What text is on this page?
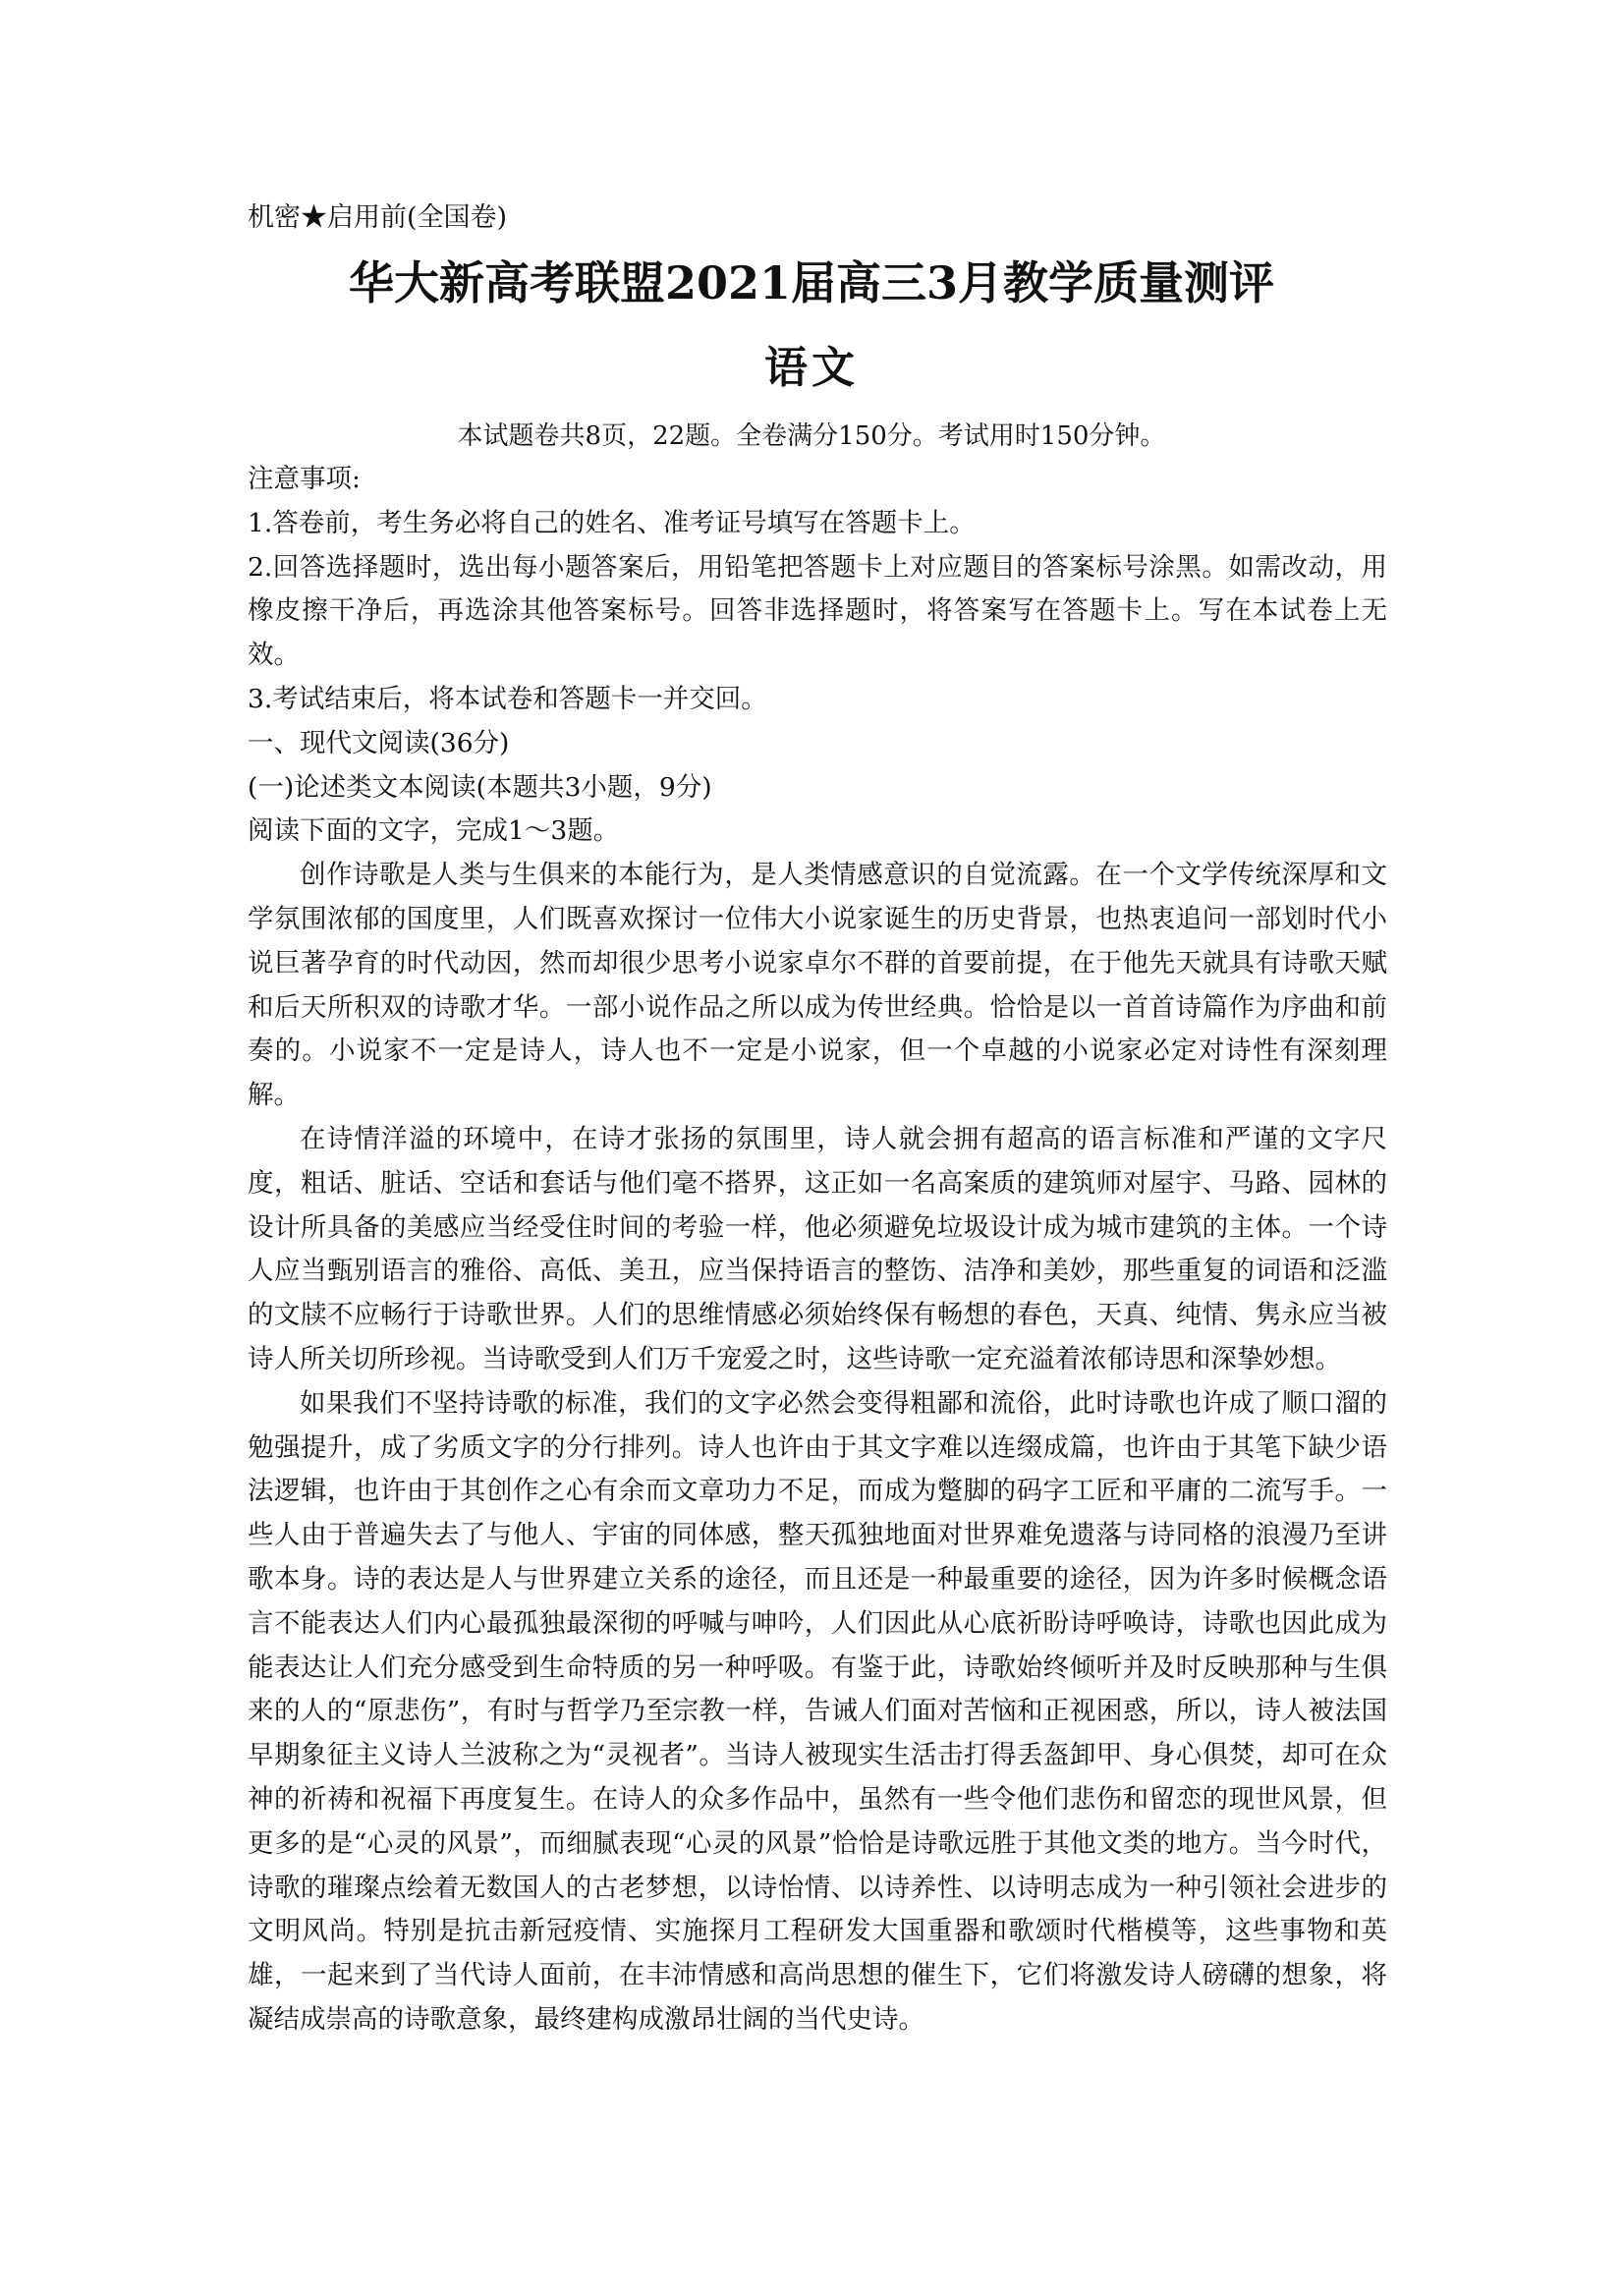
机密★启用前(全国卷)
华大新高考联盟2021届高三3月教学质量测评
语文
本试题卷共8页，22题。全卷满分150分。考试用时150分钟。

注意事项:

1.答卷前，考生务必将自己的姓名、准考证号填写在答题卡上。

2.回答选择题时，选出每小题答案后，用铅笔把答题卡上对应题目的答案标号涂黑。如需改动，用橡皮擦干净后，再选涂其他答案标号。回答非选择题时，将答案写在答题卡上。写在本试卷上无效。

3.考试结束后，将本试卷和答题卡一并交回。

一、现代文阅读(36分)

(一)论述类文本阅读(本题共3小题，9分)

阅读下面的文字，完成1～3题。

创作诗歌是人类与生俱来的本能行为，是人类情感意识的自觉流露。在一个文学传统深厚和文学氛围浓郁的国度里，人们既喜欢探讨一位伟大小说家诞生的历史背景，也热衷追问一部划时代小说巨著孕育的时代动因，然而却很少思考小说家卓尔不群的首要前提，在于他先天就具有诗歌天赋和后天所积双的诗歌才华。一部小说作品之所以成为传世经典。恰恰是以一首首诗篇作为序曲和前奏的。小说家不一定是诗人，诗人也不一定是小说家，但一个卓越的小说家必定对诗性有深刻理解。

在诗情洋溢的环境中，在诗才张扬的氛围里，诗人就会拥有超高的语言标准和严谨的文字尺度，粗话、脏话、空话和套话与他们毫不搭界，这正如一名高案质的建筑师对屋宇、马路、园林的设计所具备的美感应当经受住时间的考验一样，他必须避免垃圾设计成为城市建筑的主体。一个诗人应当甄别语言的雅俗、高低、美丑，应当保持语言的整饬、洁净和美妙，那些重复的词语和泛滥的文牍不应畅行于诗歌世界。人们的思维情感必须始终保有畅想的春色，天真、纯情、隽永应当被诗人所关切所珍视。当诗歌受到人们万千宠爱之时，这些诗歌一定充溢着浓郁诗思和深挚妙想。

如果我们不坚持诗歌的标准，我们的文字必然会变得粗鄙和流俗，此时诗歌也许成了顺口溜的勉强提升，成了劣质文字的分行排列。诗人也许由于其文字难以连缀成篇，也许由于其笔下缺少语法逻辑，也许由于其创作之心有余而文章功力不足，而成为蹩脚的码字工匠和平庸的二流写手。一些人由于普遍失去了与他人、宇宙的同体感，整天孤独地面对世界难免遗落与诗同格的浪漫乃至讲歌本身。诗的表达是人与世界建立关系的途径，而且还是一种最重要的途径，因为许多时候概念语言不能表达人们内心最孤独最深彻的呼喊与呻吟，人们因此从心底祈盼诗呼唤诗，诗歌也因此成为能表达让人们充分感受到生命特质的另一种呼吸。有鉴于此，诗歌始终倾听并及时反映那种与生俱来的人的“原悲伤”，有时与哲学乃至宗教一样，告诫人们面对苦恼和正视困惑，所以，诗人被法国早期象征主义诗人兰波称之为“灵视者”。当诗人被现实生活击打得丢盔卸甲、身心俱焚，却可在众神的祈祷和祝福下再度复生。在诗人的众多作品中，虽然有一些令他们悲伤和留恋的现世风景，但更多的是“心灵的风景”，而细腻表现“心灵的风景”恰恰是诗歌远胜于其他文类的地方。当今时代，诗歌的璀璨点绘着无数国人的古老梦想，以诗怡情、以诗养性、以诗明志成为一种引领社会进步的文明风尚。特别是抗击新冠疫情、实施探月工程研发大国重器和歌颂时代楷模等，这些事物和英雄，一起来到了当代诗人面前，在丰沛情感和高尚思想的催生下，它们将激发诗人磅礴的想象，将凝结成崇高的诗歌意象，最终建构成激昂壮阔的当代史诗。
